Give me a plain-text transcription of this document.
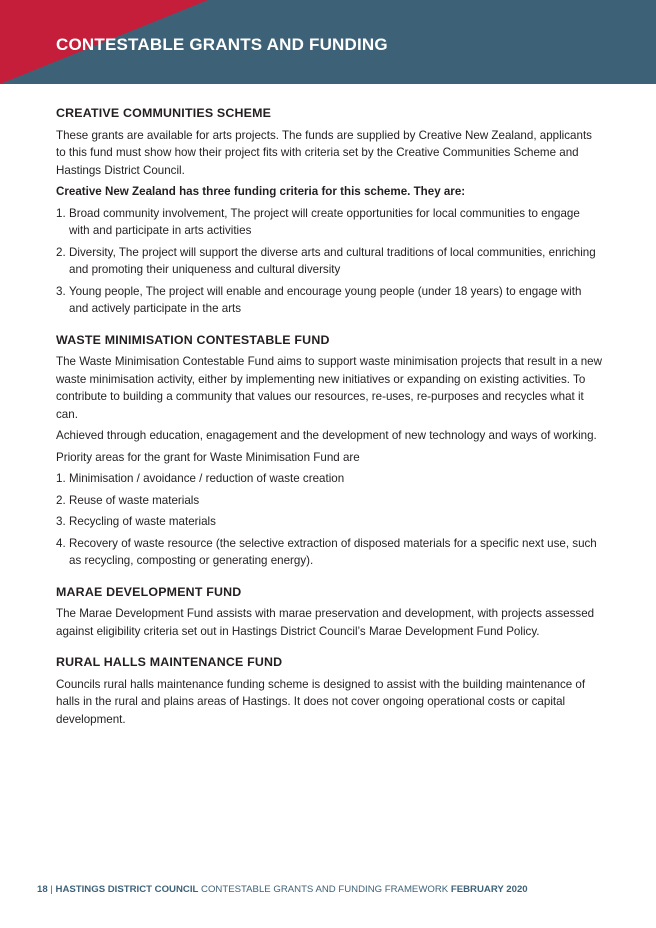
CONTESTABLE GRANTS AND FUNDING
CREATIVE COMMUNITIES SCHEME

These grants are available for arts projects. The funds are supplied by Creative New Zealand, applicants to this fund must show how their project fits with criteria set by the Creative Communities Scheme and Hastings District Council.

Creative New Zealand has three funding criteria for this scheme. They are:

1. Broad community involvement, The project will create opportunities for local communities to engage with and participate in arts activities
2. Diversity, The project will support the diverse arts and cultural traditions of local communities, enriching and promoting their uniqueness and cultural diversity
3. Young people, The project will enable and encourage young people (under 18 years) to engage with and actively participate in the arts
WASTE MINIMISATION CONTESTABLE FUND

The Waste Minimisation Contestable Fund aims to support waste minimisation projects that result in a new waste minimisation activity, either by implementing new initiatives or expanding on existing activities. To contribute to building a community that values our resources, re-uses, re-purposes and recycles what it can.

Achieved through education, enagagement and the development of new technology and ways of working.

Priority areas for the grant for Waste Minimisation Fund are

1. Minimisation / avoidance / reduction of waste creation
2. Reuse of waste materials
3. Recycling of waste materials
4. Recovery of waste resource (the selective extraction of disposed materials for a specific next use, such as recycling, composting or generating energy).
MARAE DEVELOPMENT FUND

The Marae Development Fund assists with marae preservation and development, with projects assessed against eligibility criteria set out in Hastings District Council’s Marae Development Fund Policy.

RURAL HALLS MAINTENANCE FUND

Councils rural halls maintenance funding scheme is designed to assist with the building maintenance of halls in the rural and plains areas of Hastings. It does not cover ongoing operational costs or capital development.

18 | HASTINGS DISTRICT COUNCIL CONTESTABLE GRANTS AND FUNDING FRAMEWORK FEBRUARY 2020
